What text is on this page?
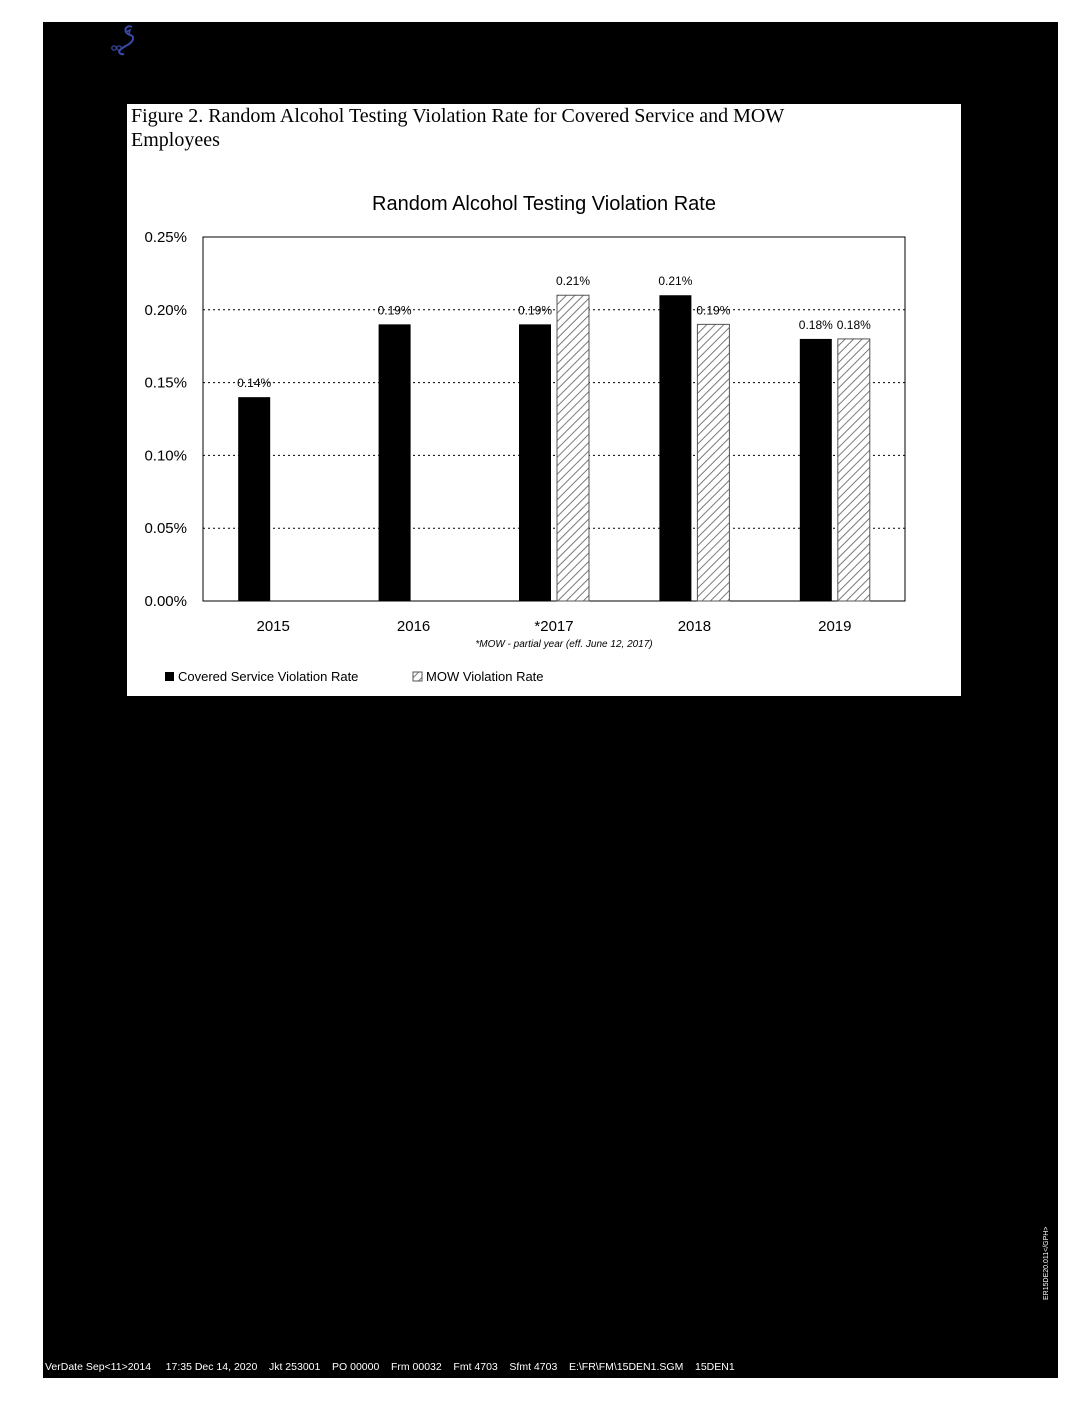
Figure 2. Random Alcohol Testing Violation Rate for Covered Service and MOW
Employees
Random Alcohol Testing Violation Rate
0.00%
0.05%
0.10%
0.15%
0.20%
0.25%
0.14%
2015
0.19%
2016
0.19%
0.21%
*2017
0.21%
0.19%
2018
0.18% 0.18%
2019
*MOW - partial year (eff. June 12, 2017)
Covered Service Violation Rate	MOW Violation Rate
VerDate Sep<11>2014     17:35 Dec 14, 2020    Jkt 253001    PO 00000    Frm 00032    Fmt 4703    Sfmt 4703    E:\FR\FM\15DEN1.SGM    15DEN1
ER15DE20.011</GPH>
